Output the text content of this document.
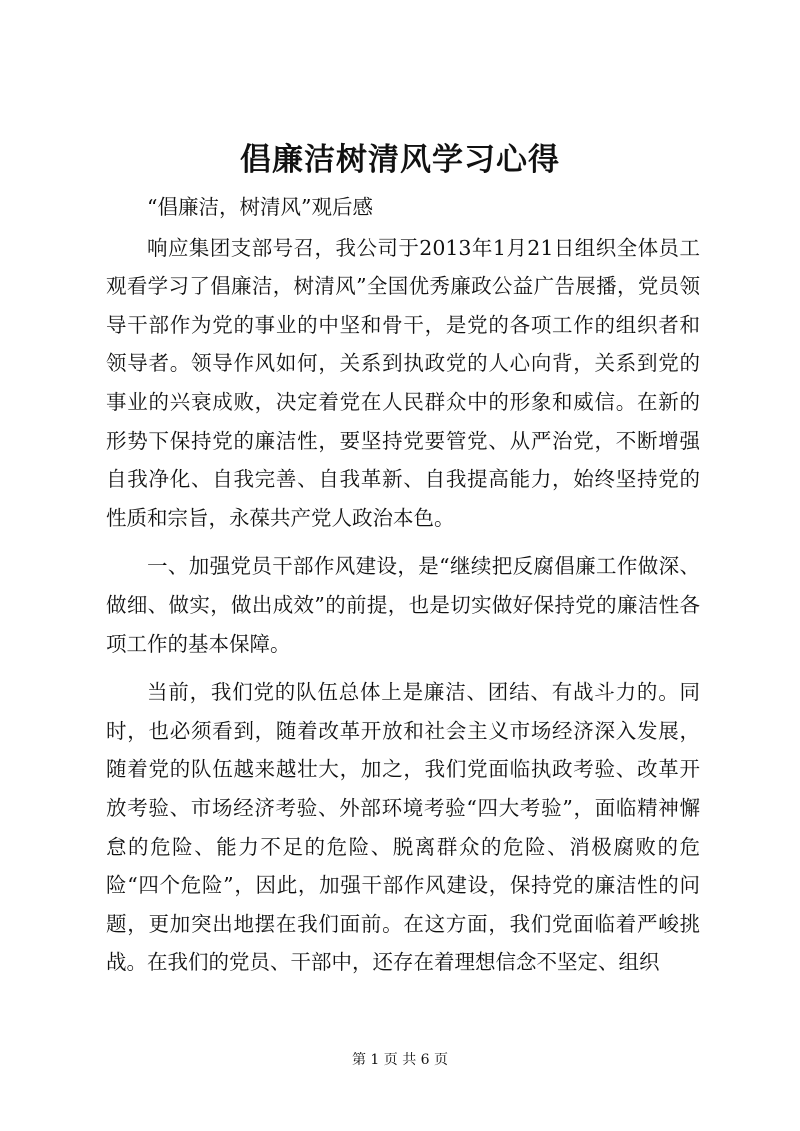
倡廉洁树清风学习心得

“倡廉洁，树清风”观后感

响应集团支部号召，我公司于2013年1月21日组织全体员工观看学习了倡廉洁，树清风”全国优秀廉政公益广告展播，党员领导干部作为党的事业的中坚和骨干，是党的各项工作的组织者和领导者。领导作风如何，关系到执政党的人心向背，关系到党的事业的兴衰成败，决定着党在人民群众中的形象和威信。在新的形势下保持党的廉洁性，要坚持党要管党、从严治党，不断增强自我净化、自我完善、自我革新、自我提高能力，始终坚持党的性质和宗旨，永葆共产党人政治本色。

一、加强党员干部作风建设，是“继续把反腐倡廉工作做深、做细、做实，做出成效”的前提，也是切实做好保持党的廉洁性各项工作的基本保障。

当前，我们党的队伍总体上是廉洁、团结、有战斗力的。同时，也必须看到，随着改革开放和社会主义市场经济深入发展，随着党的队伍越来越壮大，加之，我们党面临执政考验、改革开放考验、市场经济考验、外部环境考验“四大考验”，面临精神懈怠的危险、能力不足的危险、脱离群众的危险、消极腐败的危险“四个危险”，因此，加强干部作风建设，保持党的廉洁性的问题，更加突出地摆在我们面前。在这方面，我们党面临着严峻挑战。在我们的党员、干部中，还存在着理想信念不坚定、组织

第 1 页 共 6 页
